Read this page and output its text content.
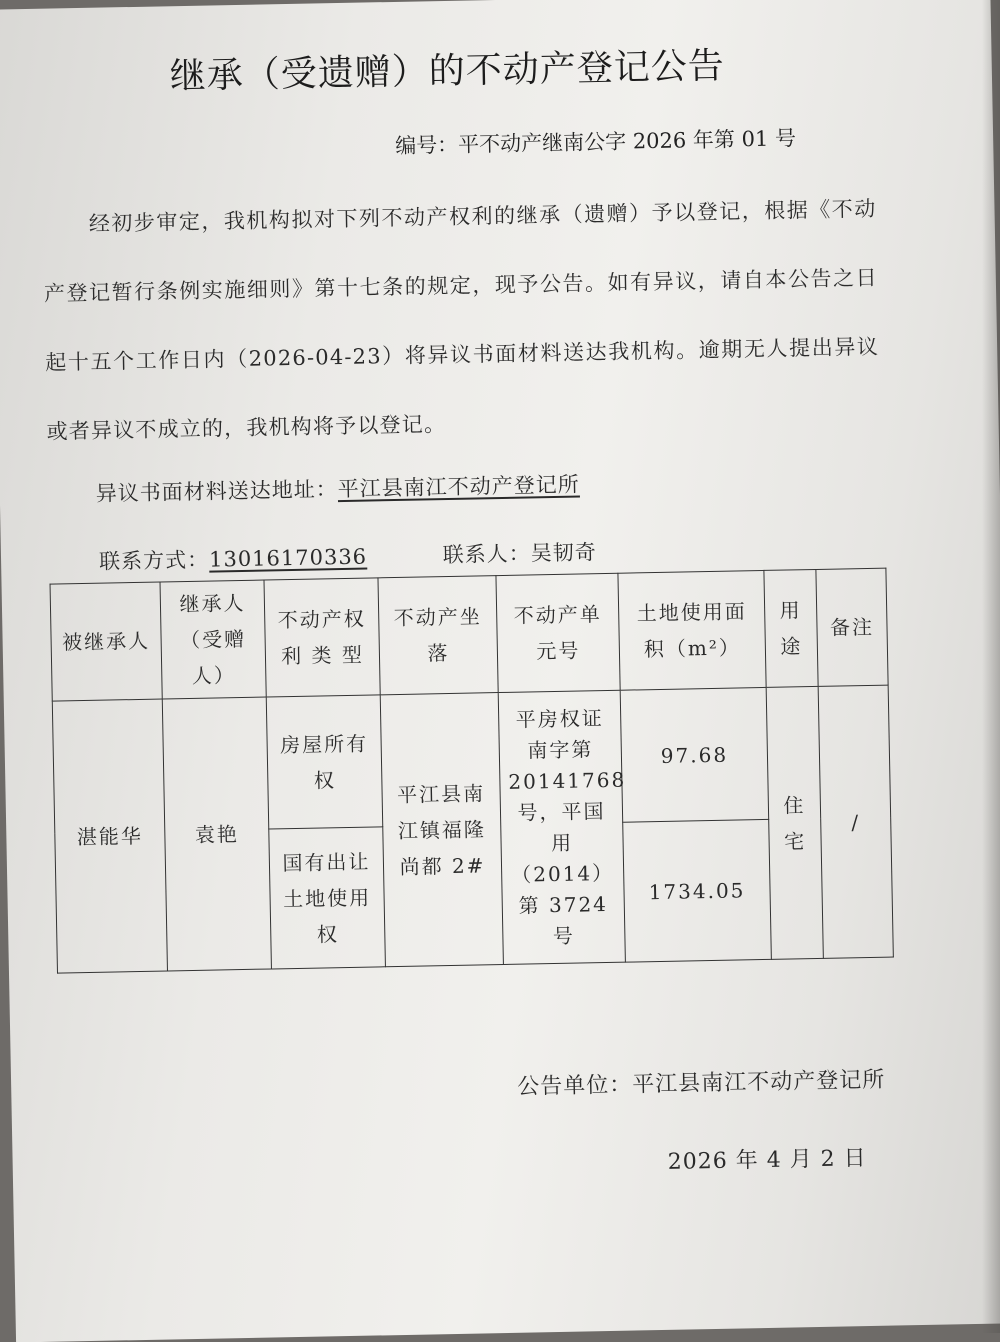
继承（受遗赠）的不动产登记公告
编号：平不动产继南公字 2026 年第 01 号
经初步审定，我机构拟对下列不动产权利的继承（遗赠）予以登记，根据《不动产登记暂行条例实施细则》第十七条的规定，现予公告。如有异议，请自本公告之日起十五个工作日内（2026-04-23）将异议书面材料送达我机构。逾期无人提出异议或者异议不成立的，我机构将予以登记。
异议书面材料送达地址：平江县南江不动产登记所
联系方式：13016170336	联系人：吴韧奇
被继承人	继承人（受赠人）	不动产权 利 类 型	不动产坐落	不动产单元号	土地使用面积（m²）	用途	备注
湛能华	袁艳	房屋所有权	平江县南江镇福隆尚都 2#	平房权证南字第 20141768 号，平国用（2014）第 3724 号	97.68	住宅	/
		国有出让土地使用权			1734.05		
公告单位：平江县南江不动产登记所
2026 年 4 月 2 日
